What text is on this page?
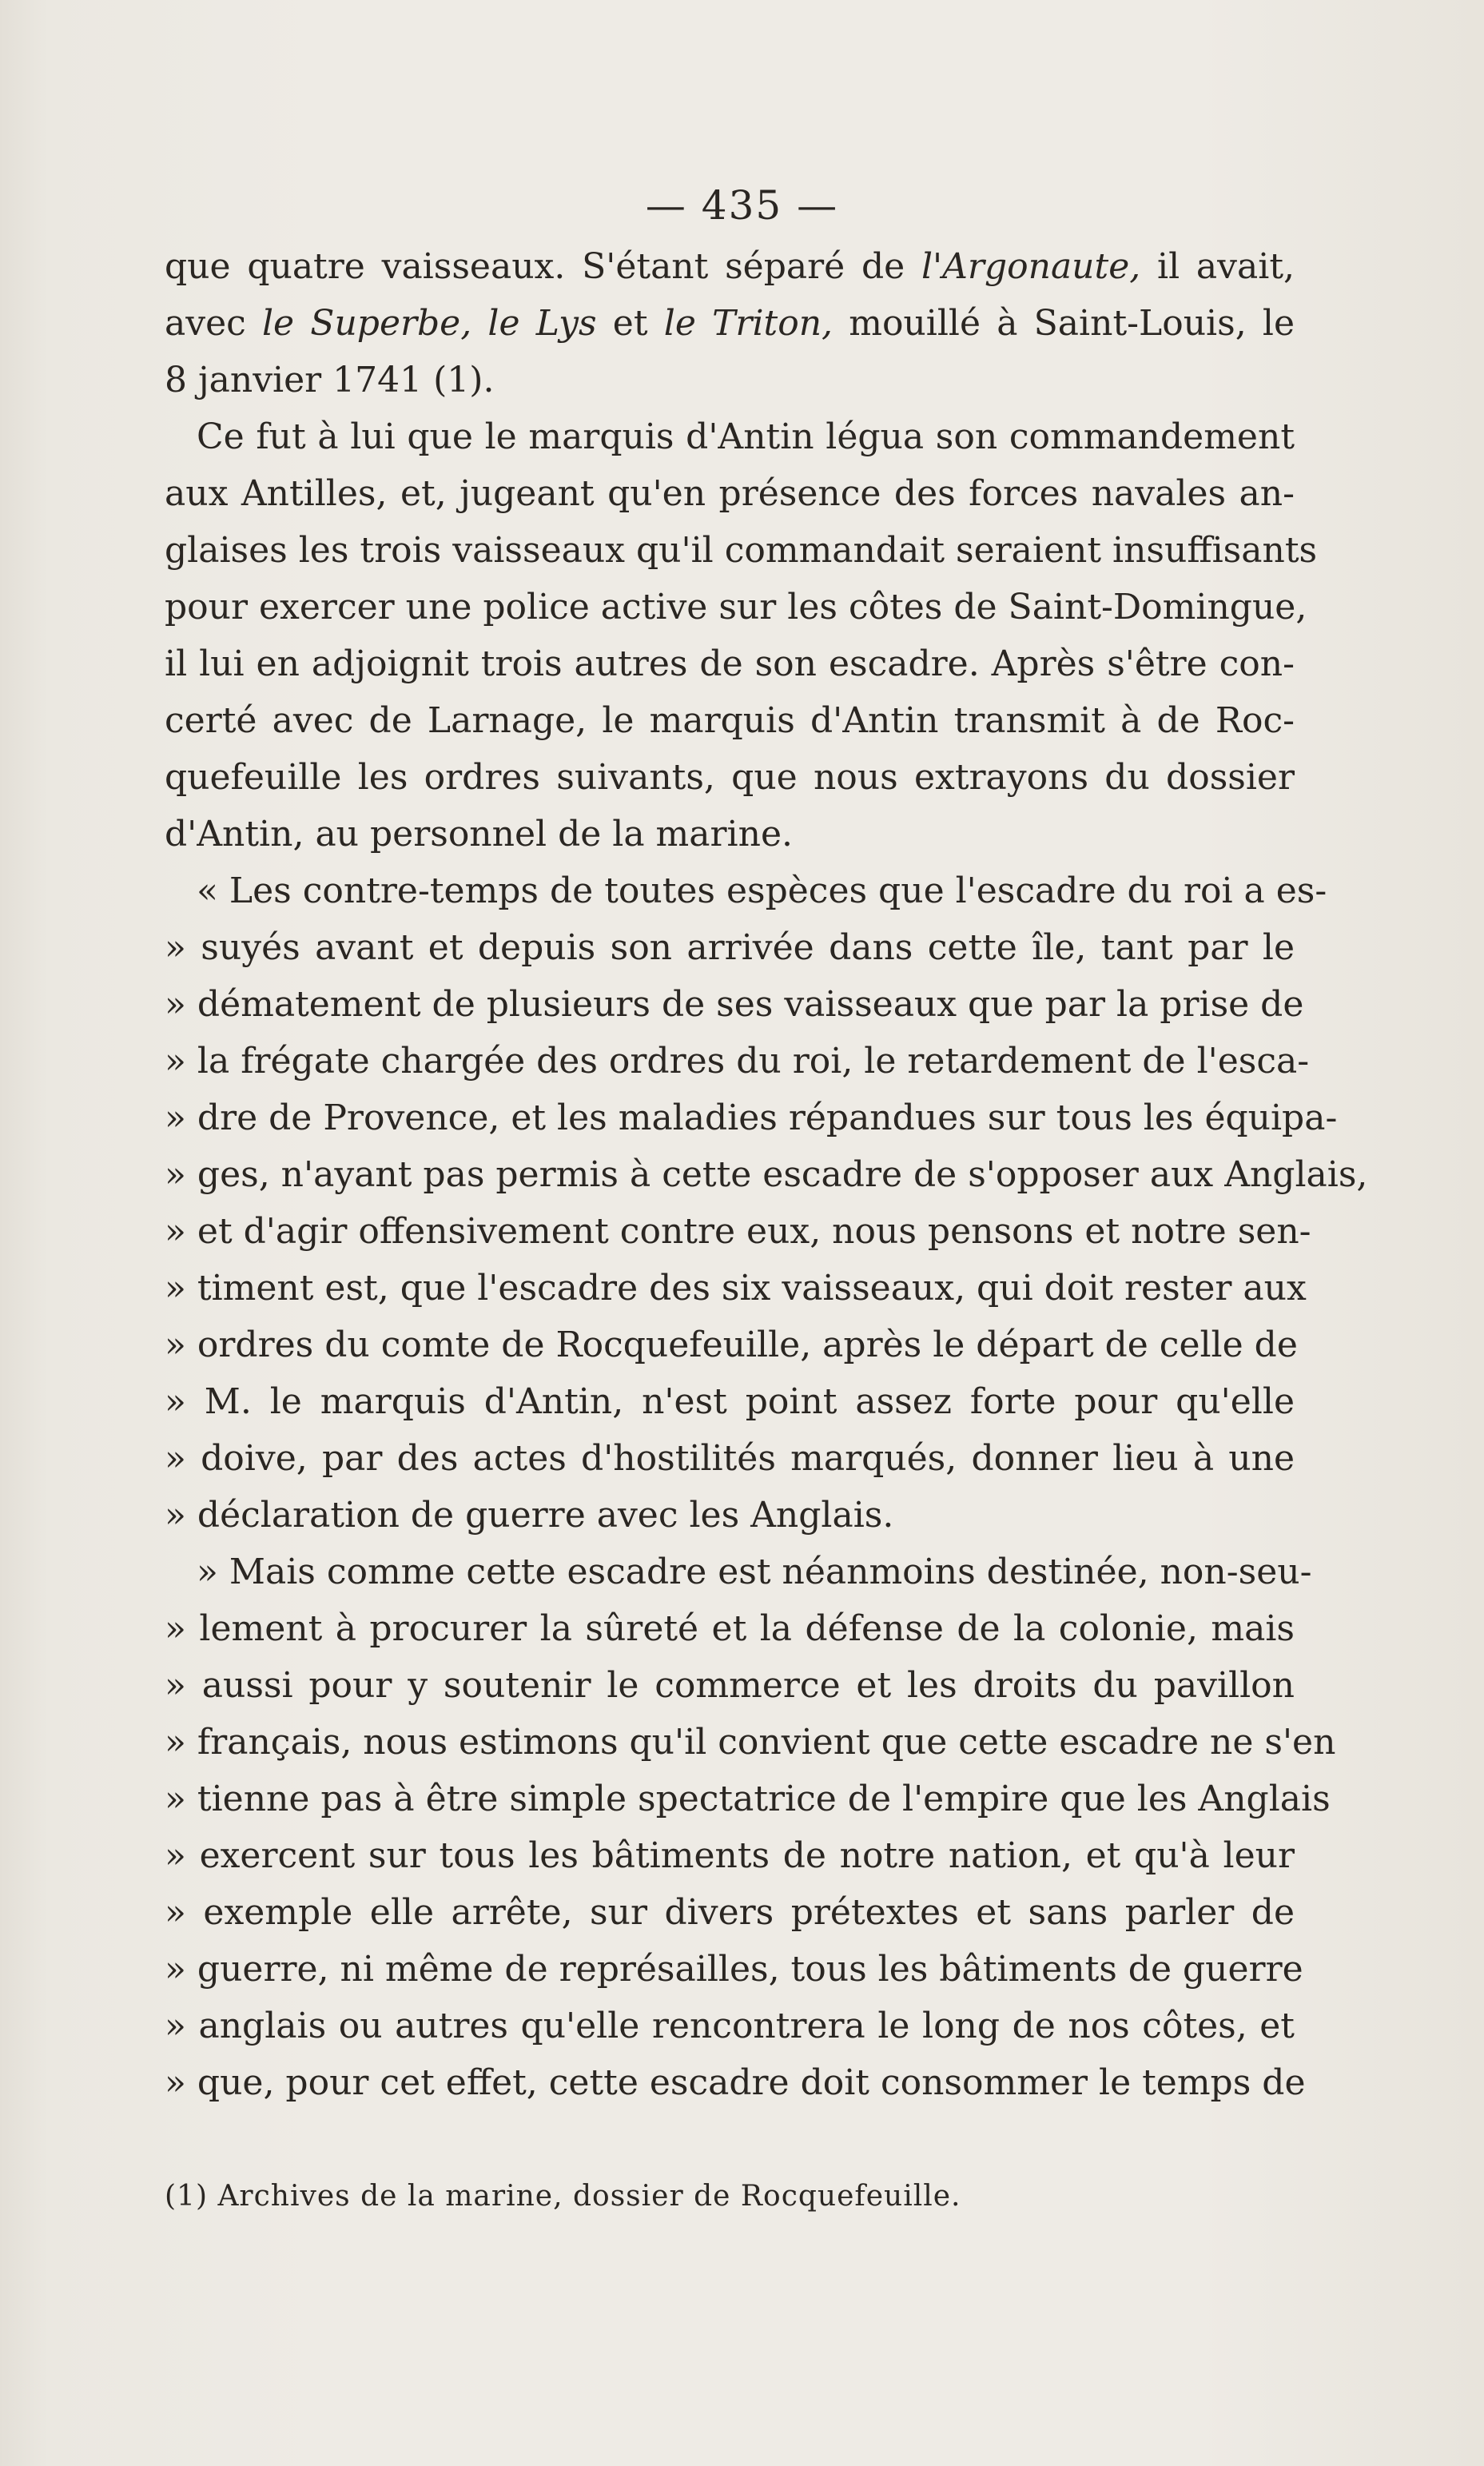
— 435 —
que quatre vaisseaux. S'étant séparé de l'Argonaute, il avait,
avec le Superbe, le Lys et le Triton, mouillé à Saint-Louis, le
8 janvier 1741 (1).
Ce fut à lui que le marquis d'Antin légua son commandement
aux Antilles, et, jugeant qu'en présence des forces navales an-
glaises les trois vaisseaux qu'il commandait seraient insuffisants
pour exercer une police active sur les côtes de Saint-Domingue,
il lui en adjoignit trois autres de son escadre. Après s'être con-
certé avec de Larnage, le marquis d'Antin transmit à de Roc-
quefeuille les ordres suivants, que nous extrayons du dossier
d'Antin, au personnel de la marine.
« Les contre-temps de toutes espèces que l'escadre du roi a es-
» suyés avant et depuis son arrivée dans cette île, tant par le
» dématement de plusieurs de ses vaisseaux que par la prise de
» la frégate chargée des ordres du roi, le retardement de l'esca-
» dre de Provence, et les maladies répandues sur tous les équipa-
» ges, n'ayant pas permis à cette escadre de s'opposer aux Anglais,
» et d'agir offensivement contre eux, nous pensons et notre sen-
» timent est, que l'escadre des six vaisseaux, qui doit rester aux
» ordres du comte de Rocquefeuille, après le départ de celle de
» M. le marquis d'Antin, n'est point assez forte pour qu'elle
» doive, par des actes d'hostilités marqués, donner lieu à une
» déclaration de guerre avec les Anglais.
» Mais comme cette escadre est néanmoins destinée, non-seu-
» lement à procurer la sûreté et la défense de la colonie, mais
» aussi pour y soutenir le commerce et les droits du pavillon
» français, nous estimons qu'il convient que cette escadre ne s'en
» tienne pas à être simple spectatrice de l'empire que les Anglais
» exercent sur tous les bâtiments de notre nation, et qu'à leur
» exemple elle arrête, sur divers prétextes et sans parler de
» guerre, ni même de représailles, tous les bâtiments de guerre
» anglais ou autres qu'elle rencontrera le long de nos côtes, et
» que, pour cet effet, cette escadre doit consommer le temps de
(1) Archives de la marine, dossier de Rocquefeuille.
